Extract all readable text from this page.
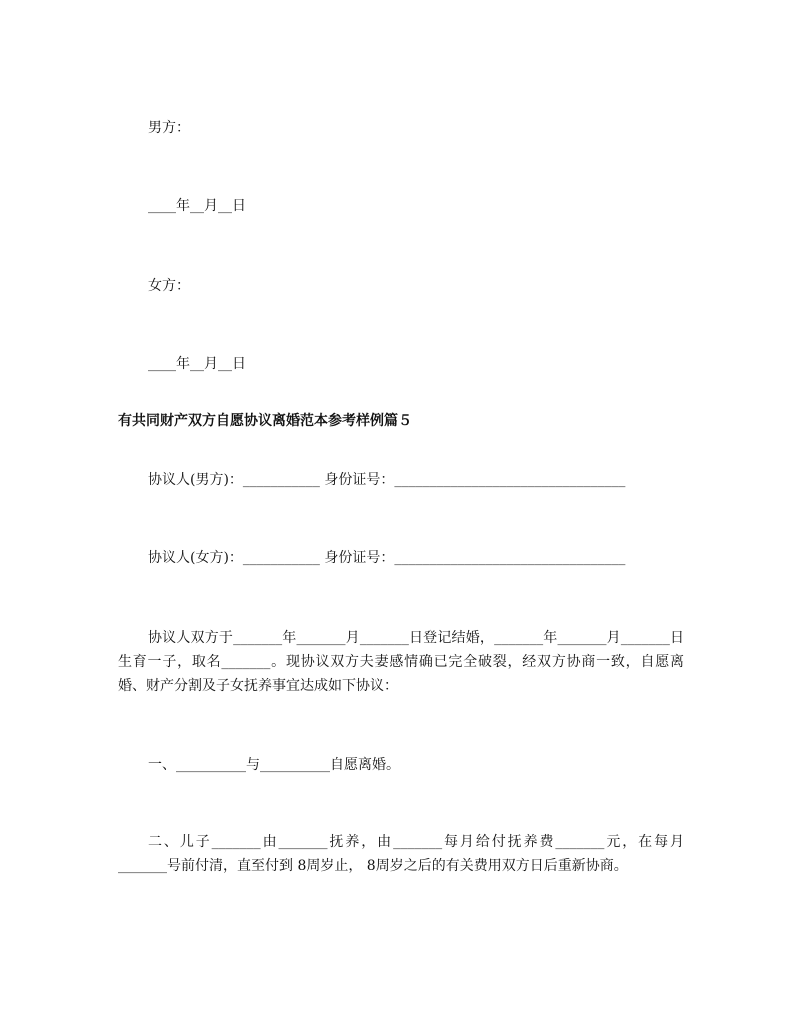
男方：
____年__月__日
女方：
____年__月__日
有共同财产双方自愿协议离婚范本参考样例篇５
协议人(男方)：___________ 身份证号：_________________________________
协议人(女方)：___________ 身份证号：_________________________________
协议人双方于_______年_______月_______日登记结婚，_______年_______月_______日生育一子，取名_______。现协议双方夫妻感情确已完全破裂，经双方协商一致，自愿离婚、财产分割及子女抚养事宜达成如下协议：
一、__________与__________自愿离婚。
二、儿子_______由_______抚养，由_______每月给付抚养费_______元，在每月_______号前付清，直至付到 8周岁止， 8周岁之后的有关费用双方日后重新协商。
